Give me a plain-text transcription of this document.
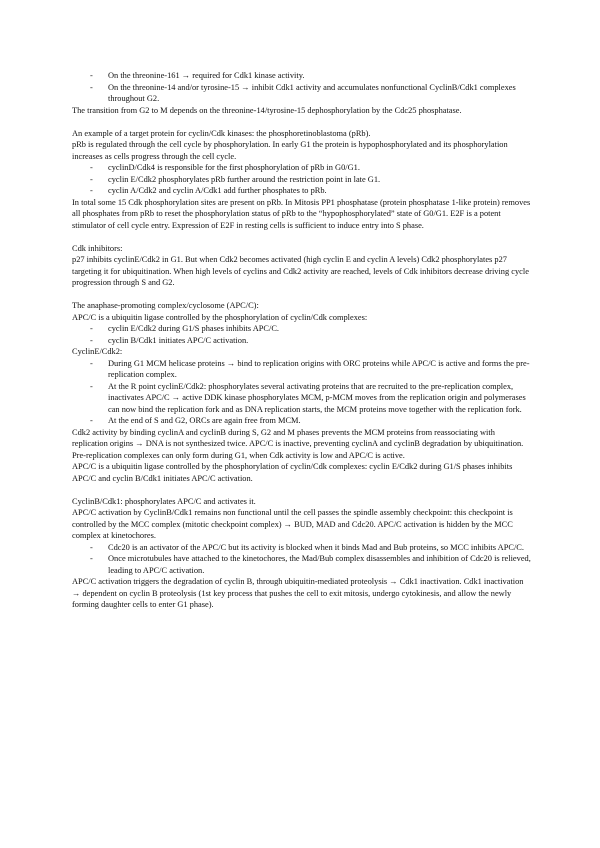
- On the threonine-161 → required for Cdk1 kinase activity.

- On the threonine-14 and/or tyrosine-15 → inhibit Cdk1 activity and accumulates nonfunctional CyclinB/Cdk1 complexes throughout G2.

The transition from G2 to M depends on the threonine-14/tyrosine-15 dephosphorylation by the Cdc25 phosphatase.

An example of a target protein for cyclin/Cdk kinases: the phosphoretinoblastoma (pRb).

pRb is regulated through the cell cycle by phosphorylation. In early G1 the protein is hypophosphorylated and its phosphorylation increases as cells progress through the cell cycle.

- cyclinD/Cdk4 is responsible for the first phosphorylation of pRb in G0/G1.

- cyclin E/Cdk2 phosphorylates pRb further around the restriction point in late G1.

- cyclin A/Cdk2 and cyclin A/Cdk1 add further phosphates to pRb.

In total some 15 Cdk phosphorylation sites are present on pRb. In Mitosis PP1 phosphatase (protein phosphatase 1-like protein) removes all phosphates from pRb to reset the phosphorylation status of pRb to the “hypophosphorylated” state of G0/G1. E2F is a potent stimulator of cell cycle entry. Expression of E2F in resting cells is sufficient to induce entry into S phase.

Cdk inhibitors:

p27 inhibits cyclinE/Cdk2 in G1. But when Cdk2 becomes activated (high cyclin E and cyclin A levels) Cdk2 phosphorylates p27 targeting it for ubiquitination. When high levels of cyclins and Cdk2 activity are reached, levels of Cdk inhibitors decrease driving cycle progression through S and G2.

The anaphase-promoting complex/cyclosome (APC/C):

APC/C is a ubiquitin ligase controlled by the phosphorylation of cyclin/Cdk complexes:

- cyclin E/Cdk2 during G1/S phases inhibits APC/C.

- cyclin B/Cdk1 initiates APC/C activation.

CyclinE/Cdk2:

- During G1 MCM helicase proteins → bind to replication origins with ORC proteins while APC/C is active and forms the pre-replication complex.

- At the R point cyclinE/Cdk2: phosphorylates several activating proteins that are recruited to the pre-replication complex, inactivates APC/C → active DDK kinase phosphorylates MCM, p-MCM moves from the replication origin and polymerases can now bind the replication fork and as DNA replication starts, the MCM proteins move together with the replication fork.

- At the end of S and G2, ORCs are again free from MCM.

Cdk2 activity by binding cyclinA and cyclinB during S, G2 and M phases prevents the MCM proteins from reassociating with replication origins → DNA is not synthesized twice. APC/C is inactive, preventing cyclinA and cyclinB degradation by ubiquitination.

Pre-replication complexes can only form during G1, when Cdk activity is low and APC/C is active.

APC/C is a ubiquitin ligase controlled by the phosphorylation of cyclin/Cdk complexes: cyclin E/Cdk2 during G1/S phases inhibits APC/C and cyclin B/Cdk1 initiates APC/C activation.

CyclinB/Cdk1: phosphorylates APC/C and activates it.

APC/C activation by CyclinB/Cdk1 remains non functional until the cell passes the spindle assembly checkpoint: this checkpoint is controlled by the MCC complex (mitotic checkpoint complex) → BUD, MAD and Cdc20. APC/C activation is hidden by the MCC complex at kinetochores.

- Cdc20 is an activator of the APC/C but its activity is blocked when it binds Mad and Bub proteins, so MCC inhibits APC/C.

- Once microtubules have attached to the kinetochores, the Mad/Bub complex disassembles and inhibition of Cdc20 is relieved, leading to APC/C activation.

APC/C activation triggers the degradation of cyclin B, through ubiquitin-mediated proteolysis → Cdk1 inactivation. Cdk1 inactivation → dependent on cyclin B proteolysis (1st key process that pushes the cell to exit mitosis, undergo cytokinesis, and allow the newly forming daughter cells to enter G1 phase).
